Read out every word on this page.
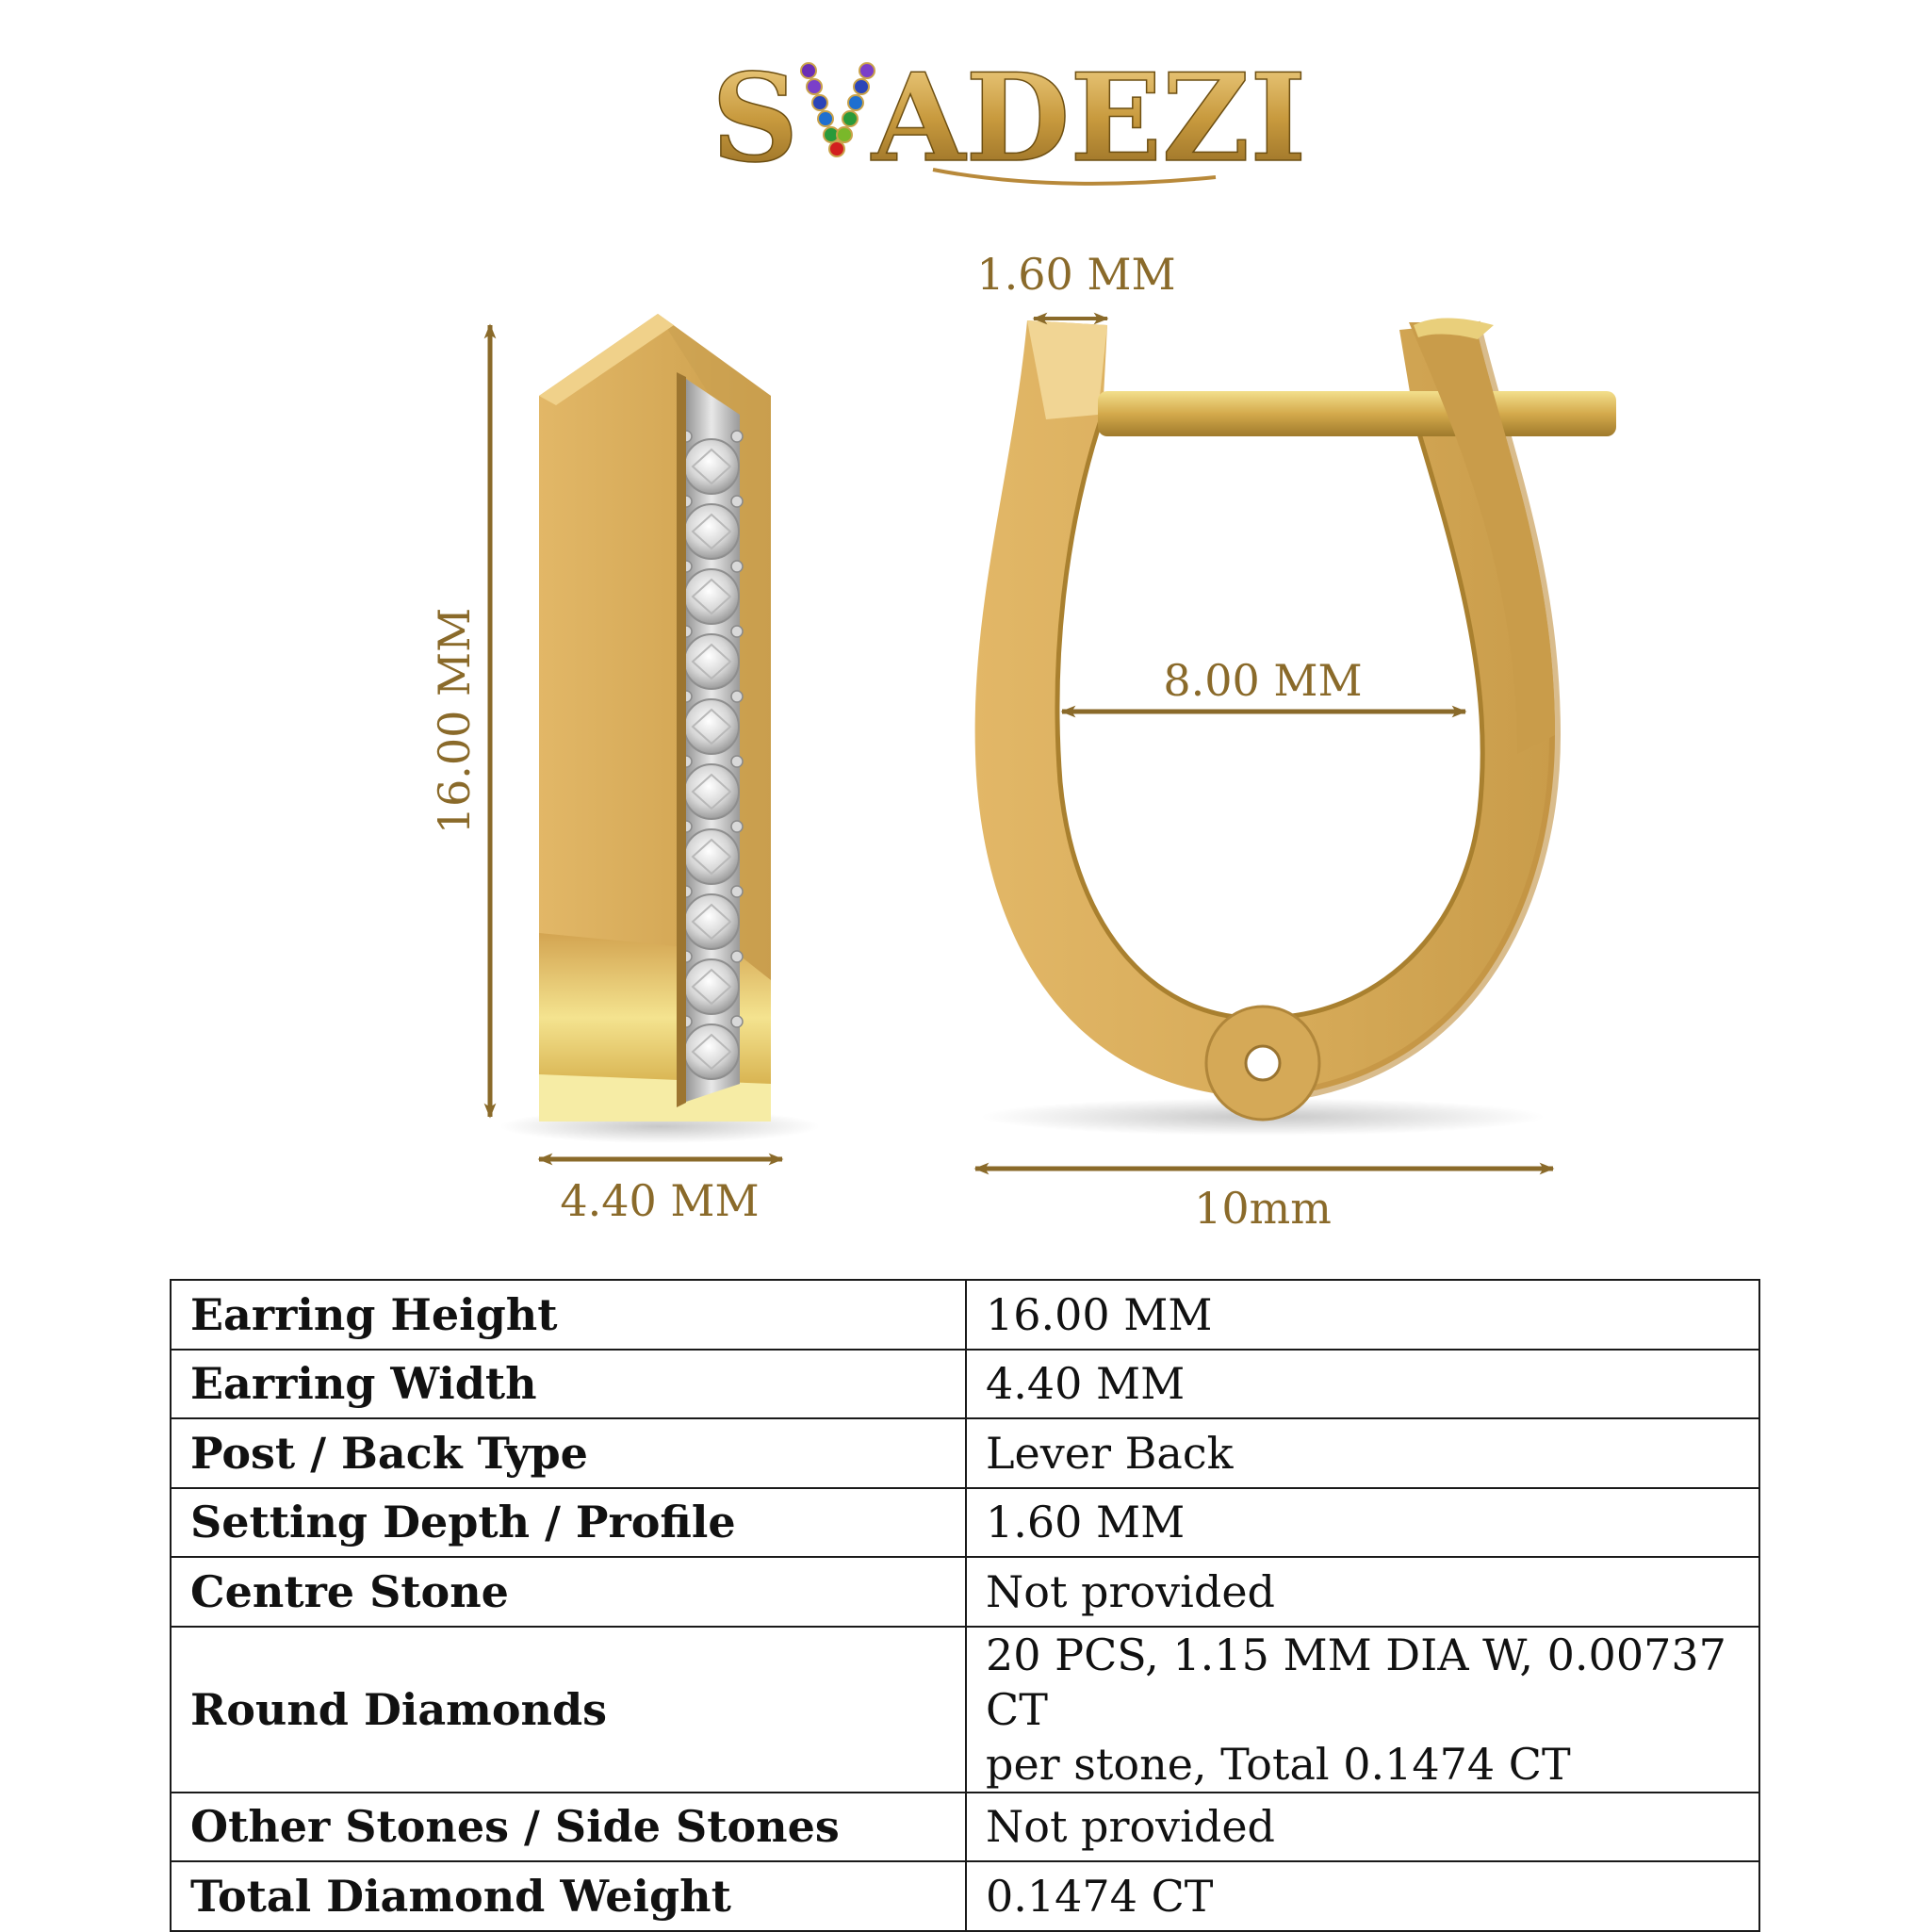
S ADEZI
16.00 MM
4.40 MM
1.60 MM
8.00 MM
10mm
Earring Height	16.00 MM
Earring Width	4.40 MM
Post / Back Type	Lever Back
Setting Depth / Profile	1.60 MM
Centre Stone	Not provided
Round Diamonds	20 PCS, 1.15 MM DIA W, 0.00737 CT
per stone, Total 0.1474 CT

Other Stones / Side Stones	Not provided
Total Diamond Weight	0.1474 CT
